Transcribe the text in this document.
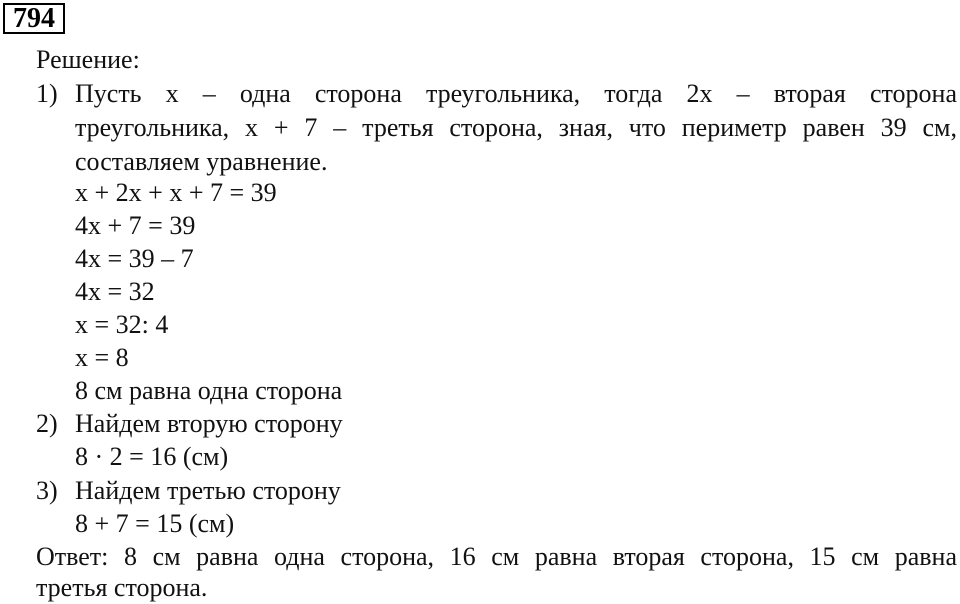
794
Решение:
1) Пусть x – одна сторона треугольника, тогда 2x – вторая сторона
треугольника, x + 7 – третья сторона, зная, что периметр равен 39 см,
составляем уравнение.
x + 2x + x + 7 = 39
4x + 7 = 39
4x = 39 – 7
4x = 32
x = 32: 4
x = 8
8 см равна одна сторона
2) Найдем вторую сторону
8 · 2 = 16 (см)
3) Найдем третью сторону
8 + 7 = 15 (см)
Ответ: 8 см равна одна сторона, 16 см равна вторая сторона, 15 см равна
третья сторона.
